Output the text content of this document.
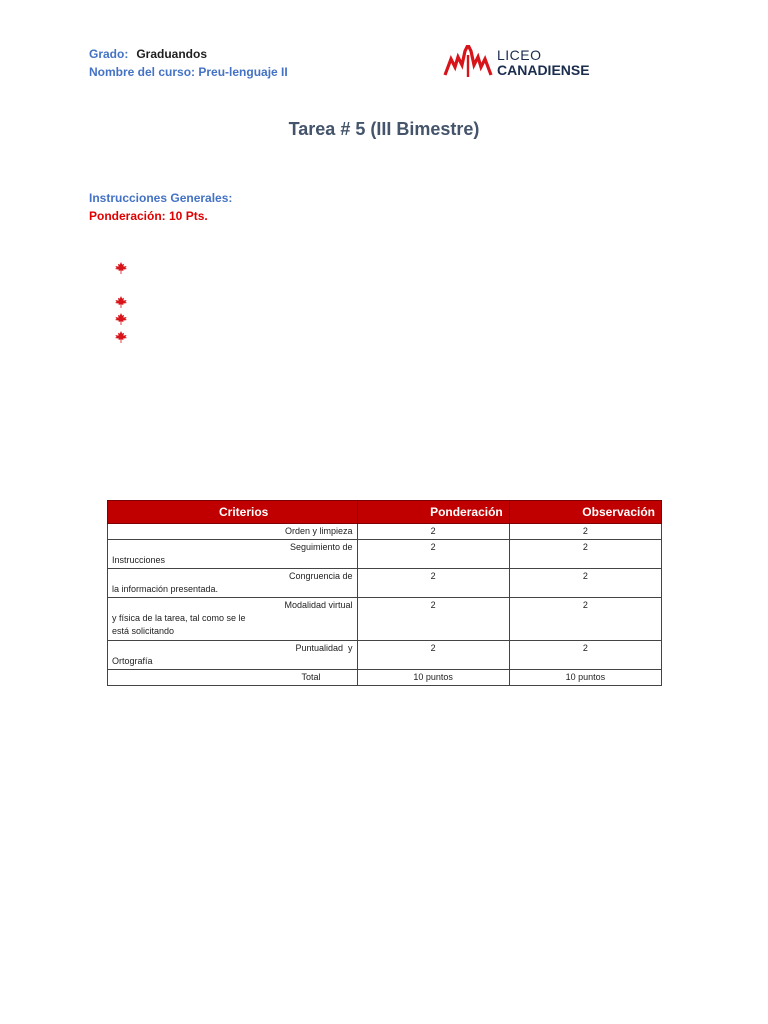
Grado: Graduandos
Nombre del curso: Preu-lenguaje II
LICEO
CANADIENSE
Tarea # 5 (III Bimestre)
Instrucciones Generales:
Ponderación: 10 Pts.
Criterios	Ponderación	Observación
Orden y limpieza	2	2

Seguimiento de
Instrucciones	2	2

Congruencia de
la información presentada.	2	2

Modalidad virtual
y física de la tarea, tal como se le
está solicitando	2	2

Puntualidad  y
Ortografía	2	2
Total	10 puntos	10 puntos
